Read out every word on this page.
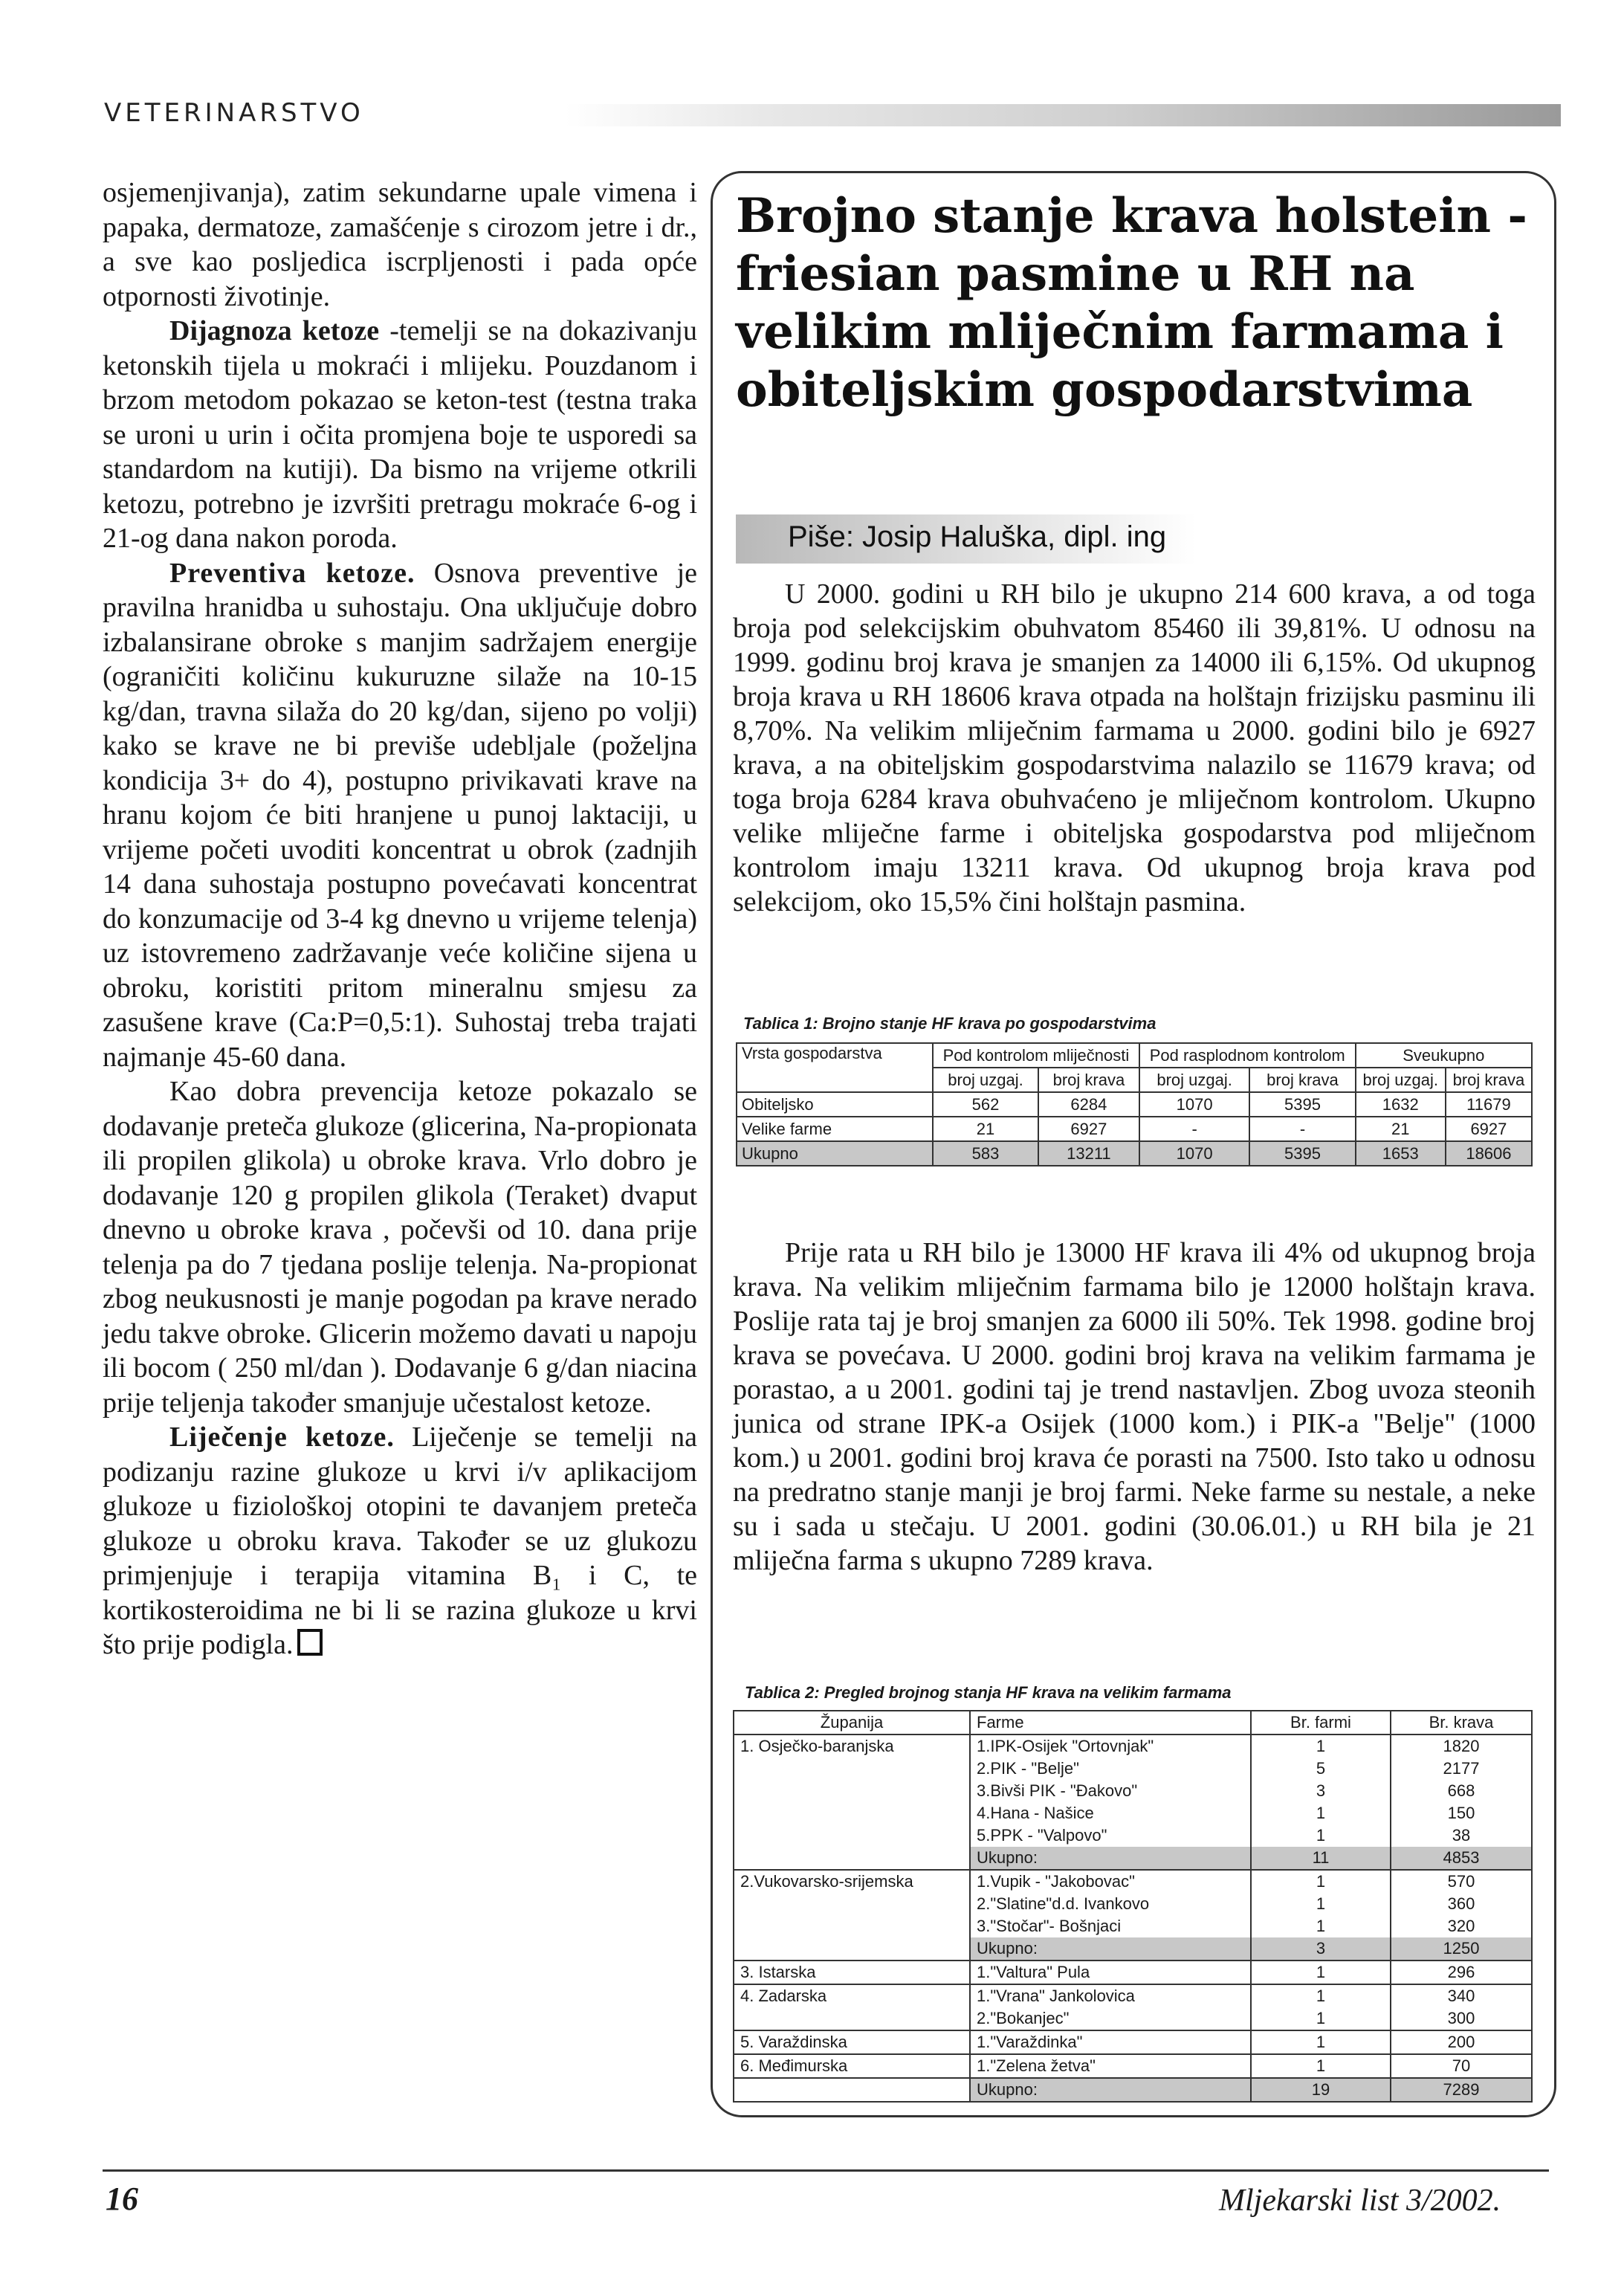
VETERINARSTVO

osjemenjivanja), zatim sekundarne upale vimena i papaka, dermatoze, zamašćenje s cirozom jetre i dr., a sve kao posljedica iscrpljenosti i pada opće otpornosti životinje.

Dijagnoza ketoze -temelji se na dokazivanju ketonskih tijela u mokraći i mlijeku. Pouzdanom i brzom metodom pokazao se keton-test (testna traka se uroni u urin i očita promjena boje te usporedi sa standardom na kutiji). Da bismo na vrijeme otkrili ketozu, potrebno je izvršiti pretragu mokraće 6-og i 21-og dana nakon poroda.

Preventiva ketoze. Osnova preventive je pravilna hranidba u suhostaju. Ona uključuje dobro izbalansirane obroke s manjim sadržajem energije (ograničiti količinu kukuruzne silaže na 10-15 kg/dan, travna silaža do 20 kg/dan, sijeno po volji) kako se krave ne bi previše udebljale (poželjna kondicija 3+ do 4), postupno privikavati krave na hranu kojom će biti hranjene u punoj laktaciji, u vrijeme početi uvoditi koncentrat u obrok (zadnjih 14 dana suhostaja postupno povećavati koncentrat do konzumacije od 3-4 kg dnevno u vrijeme telenja) uz istovremeno zadržavanje veće količine sijena u obroku, koristiti pritom mineralnu smjesu za zasušene krave (Ca:P=0,5:1). Suhostaj treba trajati najmanje 45-60 dana.

Kao dobra prevencija ketoze pokazalo se dodavanje preteča glukoze (glicerina, Na-propionata ili propilen glikola) u obroke krava. Vrlo dobro je dodavanje 120 g propilen glikola (Teraket) dvaput dnevno u obroke krava , počevši od 10. dana prije telenja pa do 7 tjedana poslije telenja. Na-propionat zbog neukusnosti je manje pogodan pa krave nerado jedu takve obroke. Glicerin možemo davati u napoju ili bocom ( 250 ml/dan ). Dodavanje 6 g/dan niacina prije teljenja također smanjuje učestalost ketoze.

Liječenje ketoze. Liječenje se temelji na podizanju razine glukoze u krvi i/v aplikacijom glukoze u fiziološkoj otopini te davanjem preteča glukoze u obroku krava. Također se uz glukozu primjenjuje i terapija vitamina B₁ i C, te kortikosteroidima ne bi li se razina glukoze u krvi što prije podigla.

Brojno stanje krava holstein - friesian pasmine u RH na velikim mliječnim farmama i obiteljskim gospodarstvima
Piše: Josip Haluška, dipl. ing

U 2000. godini u RH bilo je ukupno 214 600 krava, a od toga broja pod selekcijskim obuhvatom 85460 ili 39,81%. U odnosu na 1999. godinu broj krava je smanjen za 14000 ili 6,15%. Od ukupnog broja krava u RH 18606 krava otpada na holštajn frizijsku pasminu ili 8,70%. Na velikim mliječnim farmama u 2000. godini bilo je 6927 krava, a na obiteljskim gospodarstvima nalazilo se 11679 krava; od toga broja 6284 krava obuhvaćeno je mliječnom kontrolom. Ukupno velike mliječne farme i obiteljska gospodarstva pod mliječnom kontrolom imaju 13211 krava. Od ukupnog broja krava pod selekcijom, oko 15,5% čini holštajn pasmina.

Tablica 1: Brojno stanje HF krava po gospodarstvima
Vrsta gospodarstva	Pod kontrolom mliječnosti		Pod rasplodnom kontrolom		Sveukupno	
	broj uzgaj.	broj krava	broj uzgaj.	broj krava	broj uzgaj.	broj krava
Obiteljsko	562	6284	1070	5395	1632	11679
Velike farme	21	6927	-	-	21	6927
Ukupno	583	13211	1070	5395	1653	18606

Prije rata u RH bilo je 13000 HF krava ili 4% od ukupnog broja krava. Na velikim mliječnim farmama bilo je 12000 holštajn krava. Poslije rata taj je broj smanjen za 6000 ili 50%. Tek 1998. godine broj krava se povećava. U 2000. godini broj krava na velikim farmama je porastao, a u 2001. godini taj je trend nastavljen. Zbog uvoza steonih junica od strane IPK-a Osijek (1000 kom.) i PIK-a "Belje" (1000 kom.) u 2001. godini broj krava će porasti na 7500. Isto tako u odnosu na predratno stanje manji je broj farmi. Neke farme su nestale, a neke su i sada u stečaju. U 2001. godini (30.06.01.) u RH bila je 21 mliječna farma s ukupno 7289 krava.

Tablica 2: Pregled brojnog stanja HF krava na velikim farmama
Županija	Farme	Br. farmi	Br. krava
1. Osječko-baranjska	1.IPK-Osijek "Ortovnjak"	1	1820
	2.PIK - "Belje"	5	2177
	3.Bivši PIK - "Đakovo"	3	668
	4.Hana - Našice	1	150
	5.PPK - "Valpovo"	1	38
	Ukupno:	11	4853
2.Vukovarsko-srijemska	1.Vupik - "Jakobovac"	1	570
	2."Slatine"d.d. Ivankovo	1	360
	3."Stočar"- Bošnjaci	1	320
	Ukupno:	3	1250
3. Istarska	1."Valtura" Pula	1	296
4. Zadarska	1."Vrana" Jankolovica	1	340
	2."Bokanjec"	1	300
5. Varaždinska	1."Varaždinka"	1	200
6. Međimurska	1."Zelena žetva"	1	70
	Ukupno:	19	7289
16	Mljekarski list 3/2002.
